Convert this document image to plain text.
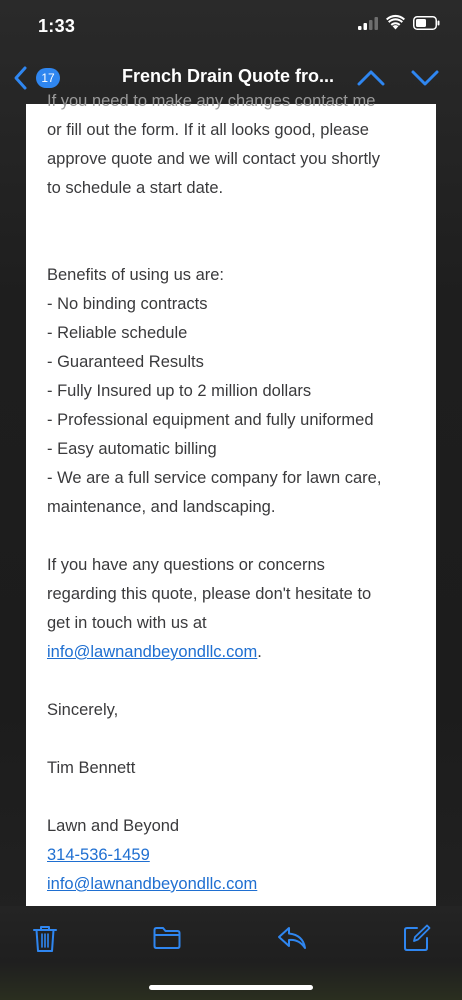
1:33
17	French Drain Quote fro...

If you need to make any changes contact me

or fill out the form. If it all looks good, please

approve quote and we will contact you shortly

to schedule a start date.

Benefits of using us are:

- No binding contracts

- Reliable schedule

- Guaranteed Results

- Fully Insured up to 2 million dollars

- Professional equipment and fully uniformed

- Easy automatic billing

- We are a full service company for lawn care,

maintenance, and landscaping.

If you have any questions or concerns

regarding this quote, please don't hesitate to

get in touch with us at

info@lawnandbeyondllc.com.

Sincerely,

Tim Bennett

Lawn and Beyond

314-536-1459

info@lawnandbeyondllc.com
